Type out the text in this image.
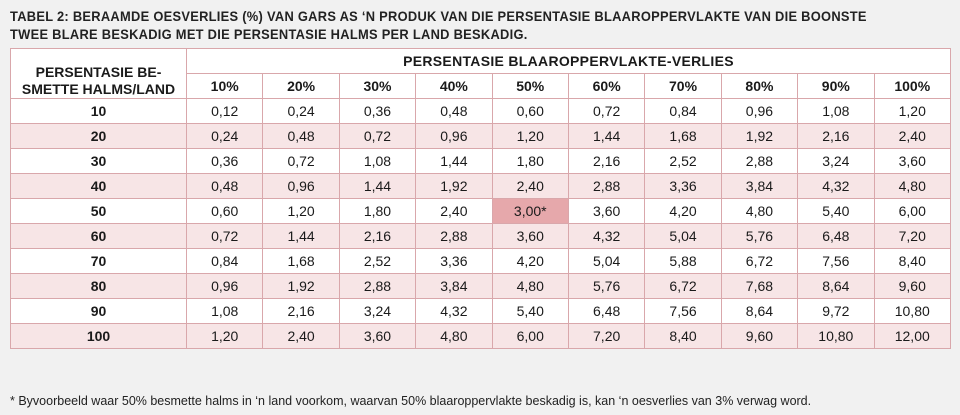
TABEL 2: BERAAMDE OESVERLIES (%) VAN GARS AS ‘N PRODUK VAN DIE PERSENTASIE BLAAROPPERVLAKTE VAN DIE BOONSTE TWEE BLARE BESKADIG MET DIE PERSENTASIE HALMS PER LAND BESKADIG.
PERSENTASIE BE-SMETTE HALMS/LAND	PERSENTASIE BLAAROPPERVLAKTE-VERLIES									
	10%	20%	30%	40%	50%	60%	70%	80%	90%	100%
10	0,12	0,24	0,36	0,48	0,60	0,72	0,84	0,96	1,08	1,20
20	0,24	0,48	0,72	0,96	1,20	1,44	1,68	1,92	2,16	2,40
30	0,36	0,72	1,08	1,44	1,80	2,16	2,52	2,88	3,24	3,60
40	0,48	0,96	1,44	1,92	2,40	2,88	3,36	3,84	4,32	4,80
50	0,60	1,20	1,80	2,40	3,00*	3,60	4,20	4,80	5,40	6,00
60	0,72	1,44	2,16	2,88	3,60	4,32	5,04	5,76	6,48	7,20
70	0,84	1,68	2,52	3,36	4,20	5,04	5,88	6,72	7,56	8,40
80	0,96	1,92	2,88	3,84	4,80	5,76	6,72	7,68	8,64	9,60
90	1,08	2,16	3,24	4,32	5,40	6,48	7,56	8,64	9,72	10,80
100	1,20	2,40	3,60	4,80	6,00	7,20	8,40	9,60	10,80	12,00
* Byvoorbeeld waar 50% besmette halms in ‘n land voorkom, waarvan 50% blaaroppervlakte beskadig is, kan ‘n oesverlies van 3% verwag word.
